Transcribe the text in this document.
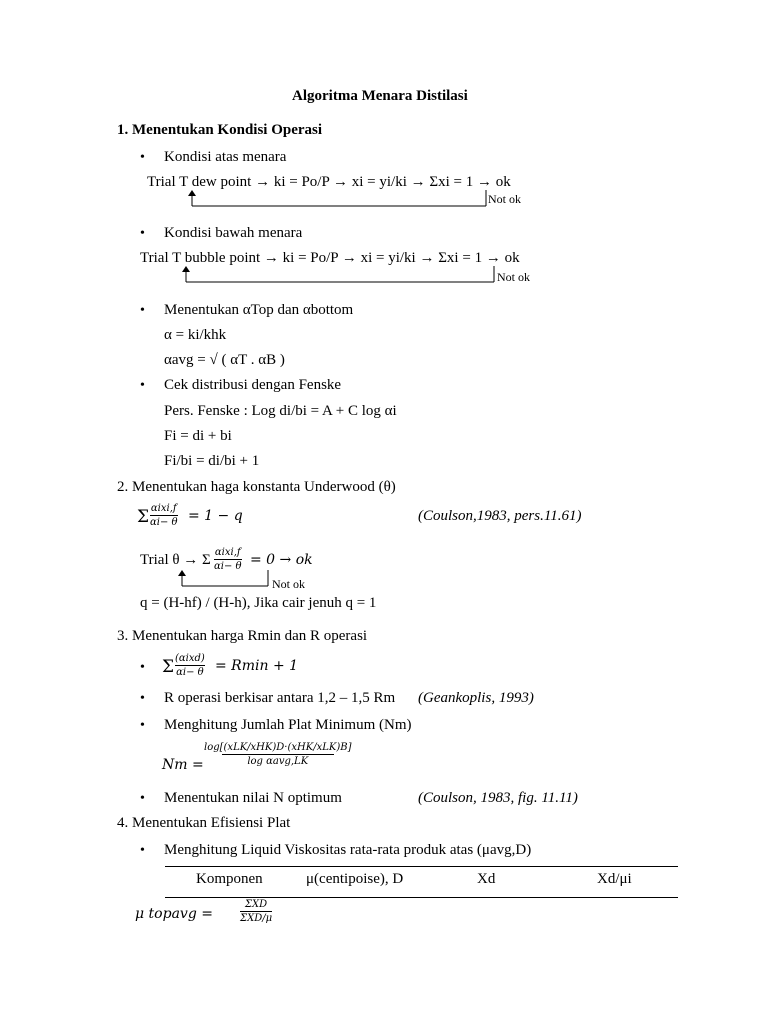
Algoritma Menara Distilasi
1. Menentukan Kondisi Operasi
• Kondisi atas menara
Trial T dew point → ki = Po/P → xi = yi/ki → Σxi = 1 → ok
Not ok
• Kondisi bawah menara
Trial T bubble point → ki = Po/P → xi = yi/ki → Σxi = 1 → ok
Not ok
• Menentukan αTop dan αbottom
α = ki/khk
αavg = √ ( αT . αB )
• Cek distribusi dengan Fenske
Pers. Fenske : Log di/bi = A + C log αi
Fi = di + bi
Fi/bi = di/bi + 1
2. Menentukan haga konstanta Underwood (θ)
Σ αixi,f
αi− θ = 1 − q	(Coulson,1983, pers.11.61)
Trial θ → Σ αixi,f
αi− θ = 0 → ok
Not ok
q = (H-hf) / (H-h), Jika cair jenuh q = 1
3. Menentukan harga Rmin dan R operasi
• Σ (αixd)
αi− θ = Rmin + 1
• R operasi berkisar antara 1,2 – 1,5 Rm (Geankoplis, 1993)
• Menghitung Jumlah Plat Minimum (Nm)
Nm =
log[(xLK/xHK)D·(xHK/xLK)B]
log αavg,LK
• Menentukan nilai N optimum	(Coulson, 1983, fig. 11.11)
4. Menentukan Efisiensi Plat
• Menghitung Liquid Viskositas rata-rata produk atas (μavg,D)
Komponen	μ(centipoise), D	Xd	Xd/μi
μ topavg =
ΣXD
ΣXD/μ
